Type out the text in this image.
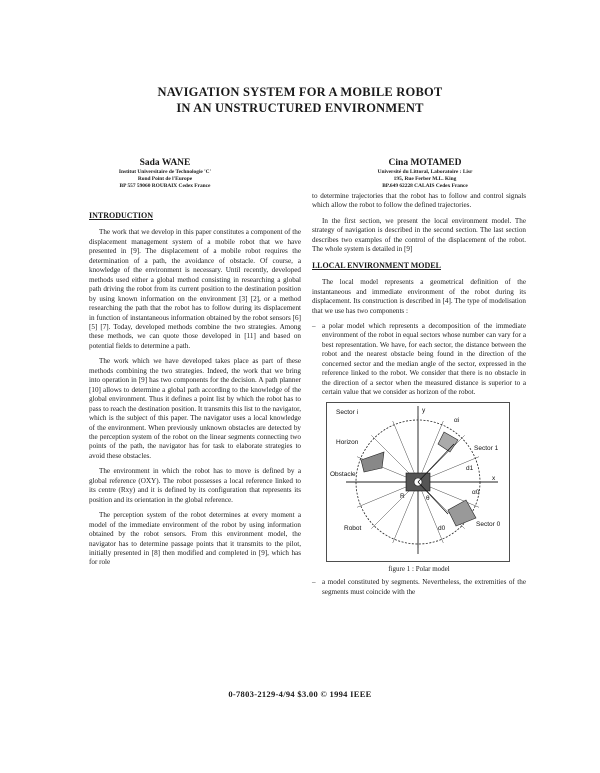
NAVIGATION SYSTEM FOR A MOBILE ROBOT
IN AN UNSTRUCTURED ENVIRONMENT
Sada WANE
Institut Universitaire de Technologie 'C'
Rond Point de l'Europe
BP 557 59060 ROUBAIX Cedex France
Cina MOTAMED
Université du Littoral, Laboratoire : Lisr
195, Rue Ferber M.L. King
BP.649 62228 CALAIS Cedex France
INTRODUCTION

The work that we develop in this paper constitutes a component of the displacement management system of a mobile robot that we have presented in [9]. The displacement of a mobile robot requires the determination of a path, the avoidance of obstacle. Of course, a knowledge of the environment is necessary. Until recently, developed methods used either a global method consisting in researching a global path driving the robot from its current position to the destination position by using known information on the environment [3] [2], or a method researching the path that the robot has to follow during its displacement in function of instantaneous information obtained by the robot sensors [6] [5] [7]. Today, developed methods combine the two strategies. Among these methods, we can quote those developed in [11] and based on potential fields to determine a path.

The work which we have developed takes place as part of these methods combining the two strategies. Indeed, the work that we bring into operation in [9] has two components for the decision. A path planner [10] allows to determine a global path according to the knowledge of the global environment. Thus it defines a point list by which the robot has to pass to reach the destination position. It transmits this list to the navigator, which is the subject of this paper. The navigator uses a local knowledge of the environment. When previously unknown obstacles are detected by the perception system of the robot on the linear segments connecting two points of the path, the navigator has for task to elaborate strategies to avoid these obstacles.

The environment in which the robot has to move is defined by a global reference (OXY). The robot possesses a local reference linked to its centre (Rxy) and it is defined by its configuration that represents its position and its orientation in the global reference.

The perception system of the robot determines at every moment a model of the immediate environment of the robot by using information obtained by the robot sensors. From this environment model, the navigator has to determine passage points that it transmits to the pilot, initially presented in [8] then modified and completed in [9], which has for role

to determine trajectories that the robot has to follow and control signals which allow the robot to follow the defined trajectories.

In the first section, we present the local environment model. The strategy of navigation is described in the second section. The last section describes two examples of the control of the displacement of the robot. The whole system is detailed in [9]

I.LOCAL ENVIRONMENT MODEL

The local model represents a geometrical definition of the instantaneous and immediate environment of the robot during its displacement. Its construction is described in [4]. The type of modelisation that we use has two components :

– a polar model which represents a decomposition of the immediate environment of the robot in equal sectors whose number can vary for a best representation. We have, for each sector, the distance between the robot and the nearest obstacle being found in the direction of the concerned sector and the median angle of the sector, expressed in the reference linked to the robot. We consider that there is no obstacle in the direction of a sector when the measured distance is superior to a certain value that we consider as horizon of the robot.
Sector i
Horizon
Obstacle
Robot
Sector 1
Sector 0
y
x
αi
d1
α0
R	θ
d0
figure 1 : Polar model
– a model constituted by segments. Nevertheless, the extremities of the segments must coincide with the
0-7803-2129-4/94 $3.00 © 1994 IEEE
